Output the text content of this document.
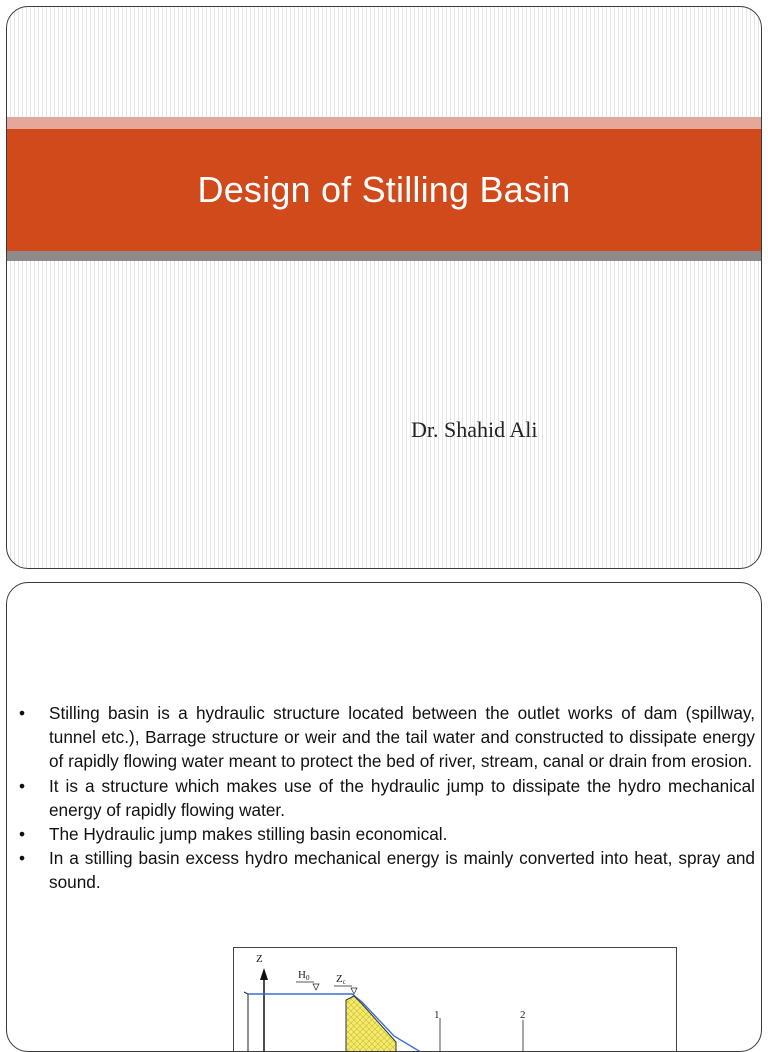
Design of Stilling Basin
Dr. Shahid Ali
• Stilling basin is a hydraulic structure located between the outlet works of dam (spillway, tunnel etc.), Barrage structure or weir and the tail water and constructed to dissipate energy of rapidly flowing water meant to protect the bed of river, stream, canal or drain from erosion.
• It is a structure which makes use of the hydraulic jump to dissipate the hydro mechanical energy of rapidly flowing water.
• The Hydraulic jump makes stilling basin economical.
• In a stilling basin excess hydro mechanical energy is mainly converted into heat, spray and sound.
Z
H0 Zc
1	2
